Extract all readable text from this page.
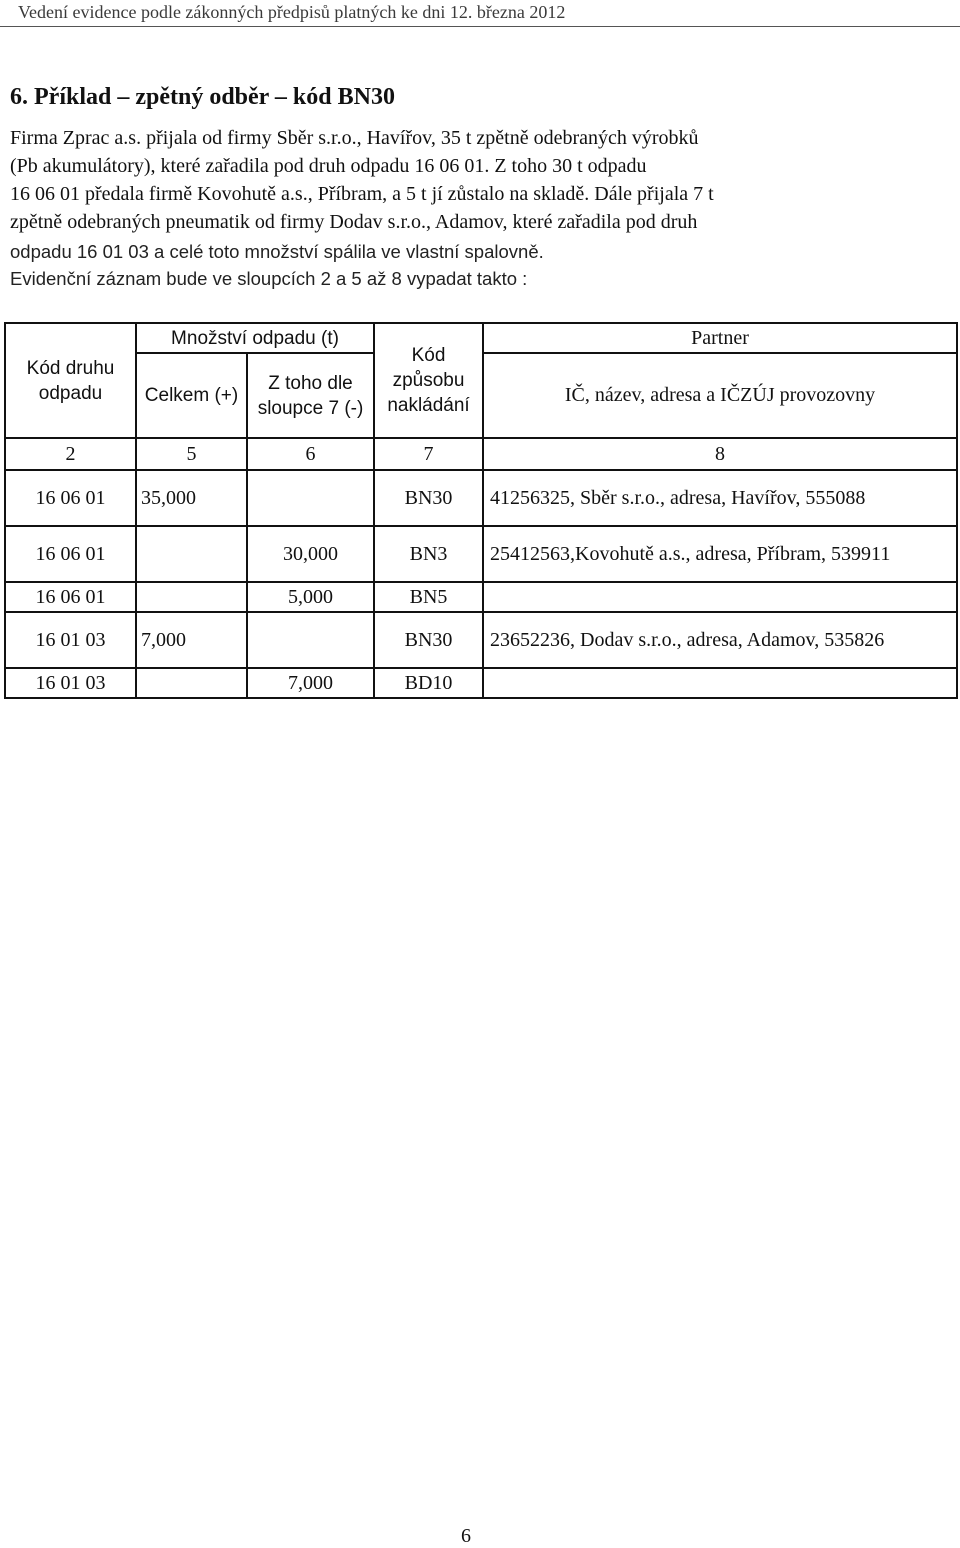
Vedení evidence podle zákonných předpisů platných ke dni 12. března 2012
6. Příklad – zpětný odběr – kód BN30
Firma Zprac a.s. přijala od firmy Sběr s.r.o., Havířov, 35 t zpětně odebraných výrobků
(Pb akumulátory), které zařadila pod druh odpadu 16 06 01. Z toho 30 t odpadu
16 06 01 předala firmě Kovohutě a.s., Příbram, a 5 t jí zůstalo na skladě. Dále přijala 7 t
zpětně odebraných pneumatik od firmy Dodav s.r.o., Adamov, které zařadila pod druh
odpadu 16 01 03 a celé toto množství spálila ve vlastní spalovně.
Evidenční záznam bude ve sloupcích 2 a 5 až 8 vypadat takto :
Kód druhu odpadu	Množství odpadu (t)		Kód způsobu nakládání	Partner
	Celkem (+)	Z toho dle sloupce 7 (-)		IČ, název, adresa a IČZÚJ provozovny
2	5	6	7	8
16 06 01	35,000		BN30	41256325, Sběr s.r.o., adresa, Havířov, 555088
16 06 01		30,000	BN3	25412563,Kovohutě a.s., adresa, Příbram, 539911
16 06 01		5,000	BN5	
16 01 03	7,000		BN30	23652236, Dodav s.r.o., adresa, Adamov, 535826
16 01 03		7,000	BD10	
6
